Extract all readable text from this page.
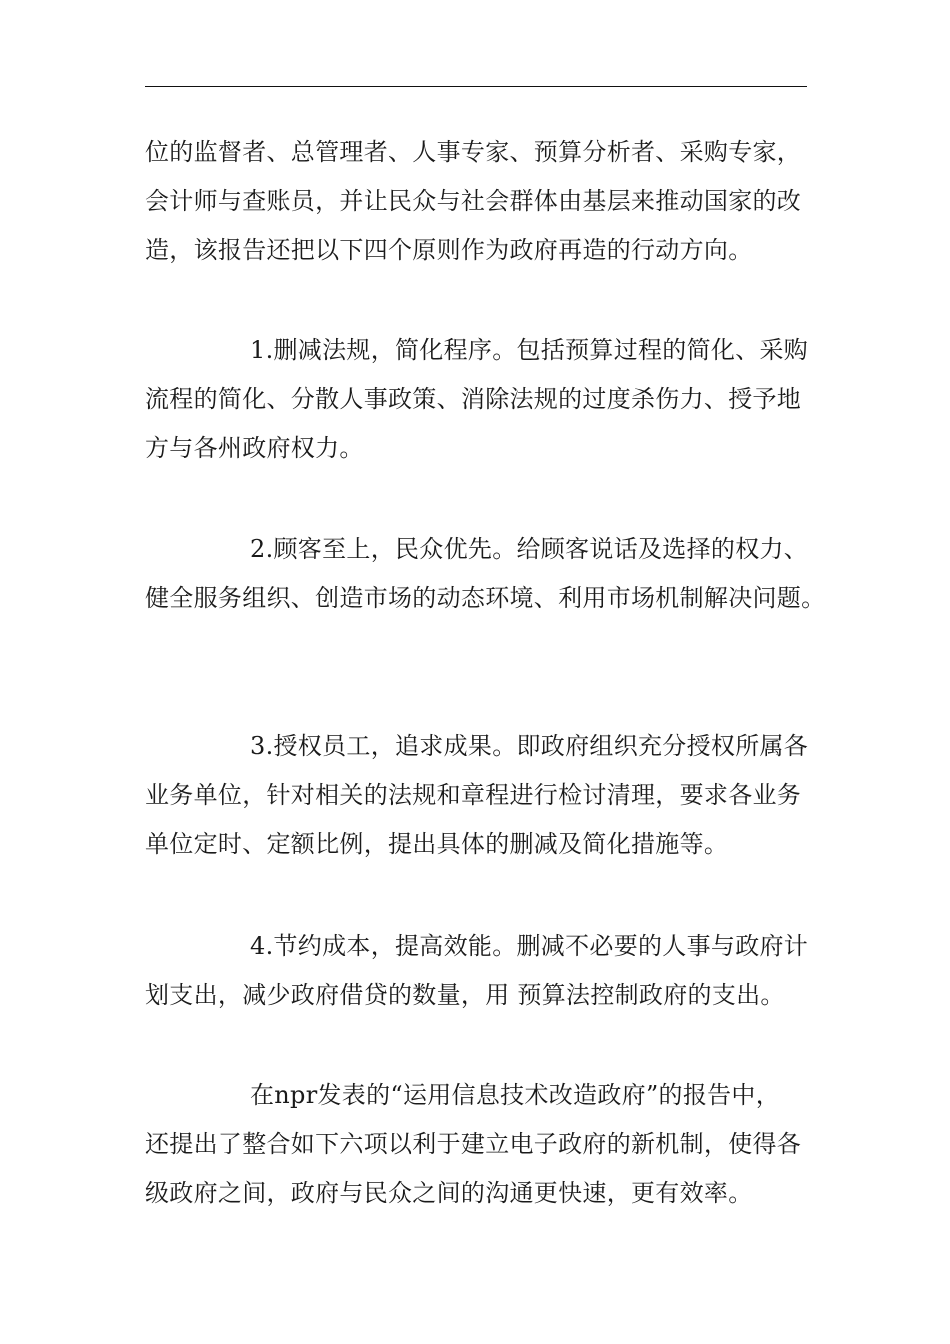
位的监督者、总管理者、人事专家、预算分析者、采购专家，
会计师与查账员，并让民众与社会群体由基层来推动国家的改
造，该报告还把以下四个原则作为政府再造的行动方向。
1.删减法规，简化程序。包括预算过程的简化、采购
流程的简化、分散人事政策、消除法规的过度杀伤力、授予地
方与各州政府权力。
2.顾客至上，民众优先。给顾客说话及选择的权力、
健全服务组织、创造市场的动态环境、利用市场机制解决问题。
3.授权员工，追求成果。即政府组织充分授权所属各
业务单位，针对相关的法规和章程进行检讨清理，要求各业务
单位定时、定额比例，提出具体的删减及简化措施等。
4.节约成本，提高效能。删减不必要的人事与政府计
划支出，减少政府借贷的数量，用 预算法控制政府的支出。
在npr发表的“运用信息技术改造政府”的报告中，
还提出了整合如下六项以利于建立电子政府的新机制，使得各
级政府之间，政府与民众之间的沟通更快速，更有效率。
